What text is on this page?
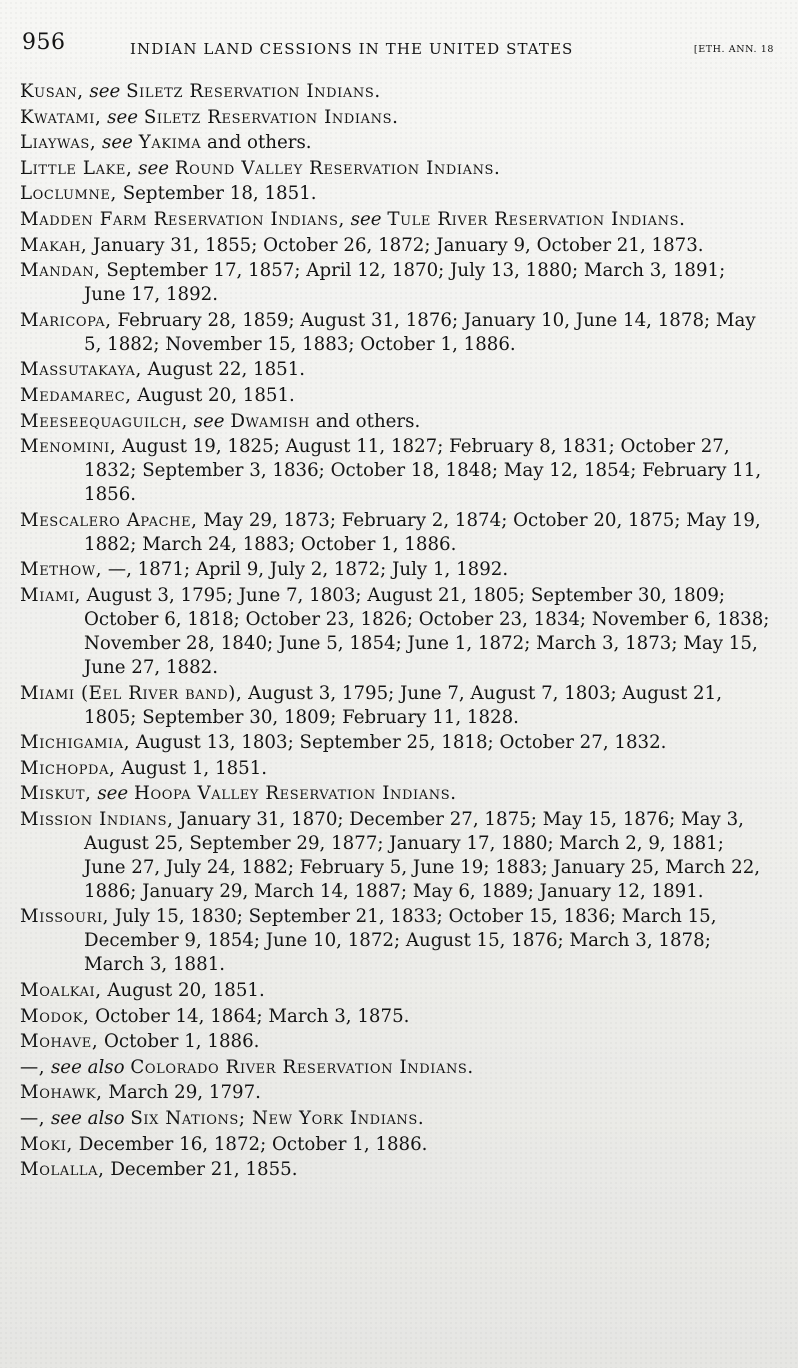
956	INDIAN LAND CESSIONS IN THE UNITED STATES	[ETH. ANN. 18

Kusan, see Siletz Reservation Indians.

Kwatami, see Siletz Reservation Indians.

Liaywas, see Yakima and others.

Little Lake, see Round Valley Reservation Indians.

Loclumne, September 18, 1851.

Madden Farm Reservation Indians, see Tule River Reservation Indians.

Makah, January 31, 1855; October 26, 1872; January 9, October 21, 1873.

Mandan, September 17, 1857; April 12, 1870; July 13, 1880; March 3, 1891; June 17, 1892.

Maricopa, February 28, 1859; August 31, 1876; January 10, June 14, 1878; May 5, 1882; November 15, 1883; October 1, 1886.

Massutakaya, August 22, 1851.

Medamarec, August 20, 1851.

Meeseequaguilch, see Dwamish and others.

Menomini, August 19, 1825; August 11, 1827; February 8, 1831; October 27, 1832; September 3, 1836; October 18, 1848; May 12, 1854; February 11, 1856.

Mescalero Apache, May 29, 1873; February 2, 1874; October 20, 1875; May 19, 1882; March 24, 1883; October 1, 1886.

Methow, —, 1871; April 9, July 2, 1872; July 1, 1892.

Miami, August 3, 1795; June 7, 1803; August 21, 1805; September 30, 1809; October 6, 1818; October 23, 1826; October 23, 1834; November 6, 1838; November 28, 1840; June 5, 1854; June 1, 1872; March 3, 1873; May 15, June 27, 1882.

Miami (Eel River band), August 3, 1795; June 7, August 7, 1803; August 21, 1805; September 30, 1809; February 11, 1828.

Michigamia, August 13, 1803; September 25, 1818; October 27, 1832.

Michopda, August 1, 1851.

Miskut, see Hoopa Valley Reservation Indians.

Mission Indians, January 31, 1870; December 27, 1875; May 15, 1876; May 3, August 25, September 29, 1877; January 17, 1880; March 2, 9, 1881; June 27, July 24, 1882; February 5, June 19; 1883; January 25, March 22, 1886; January 29, March 14, 1887; May 6, 1889; January 12, 1891.

Missouri, July 15, 1830; September 21, 1833; October 15, 1836; March 15, December 9, 1854; June 10, 1872; August 15, 1876; March 3, 1878; March 3, 1881.

Moalkai, August 20, 1851.

Modok, October 14, 1864; March 3, 1875.

Mohave, October 1, 1886.

—, see also Colorado River Reservation Indians.

Mohawk, March 29, 1797.

—, see also Six Nations; New York Indians.

Moki, December 16, 1872; October 1, 1886.

Molalla, December 21, 1855.
